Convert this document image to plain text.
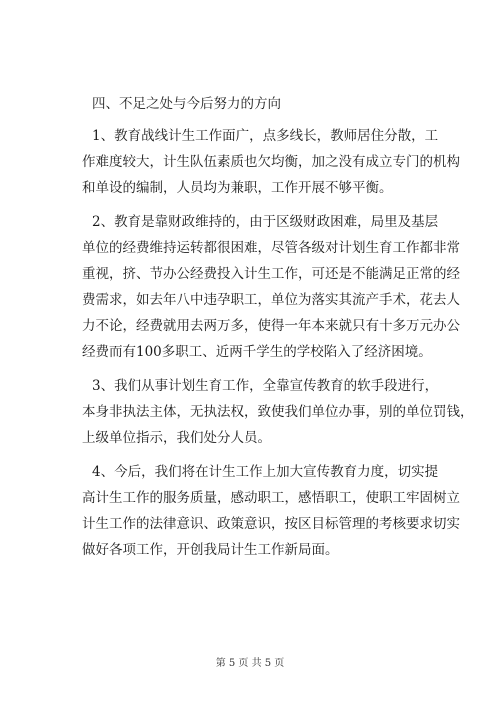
四、不足之处与今后努力的方向
1、教育战线计生工作面广，点多线长，教师居住分散，工
作难度较大，计生队伍素质也欠均衡，加之没有成立专门的机构
和单设的编制，人员均为兼职，工作开展不够平衡。
2、教育是靠财政维持的，由于区级财政困难，局里及基层
单位的经费维持运转都很困难，尽管各级对计划生育工作都非常
重视，挤、节办公经费投入计生工作，可还是不能满足正常的经
费需求，如去年八中违孕职工，单位为落实其流产手术，花去人
力不论，经费就用去两万多，使得一年本来就只有十多万元办公
经费而有100多职工、近两千学生的学校陷入了经济困境。
3、我们从事计划生育工作，全靠宣传教育的软手段进行，
本身非执法主体，无执法权，致使我们单位办事，别的单位罚钱，
上级单位指示，我们处分人员。
4、今后，我们将在计生工作上加大宣传教育力度，切实提
高计生工作的服务质量，感动职工，感悟职工，使职工牢固树立
计生工作的法律意识、政策意识，按区目标管理的考核要求切实
做好各项工作，开创我局计生工作新局面。
第 5 页 共 5 页
